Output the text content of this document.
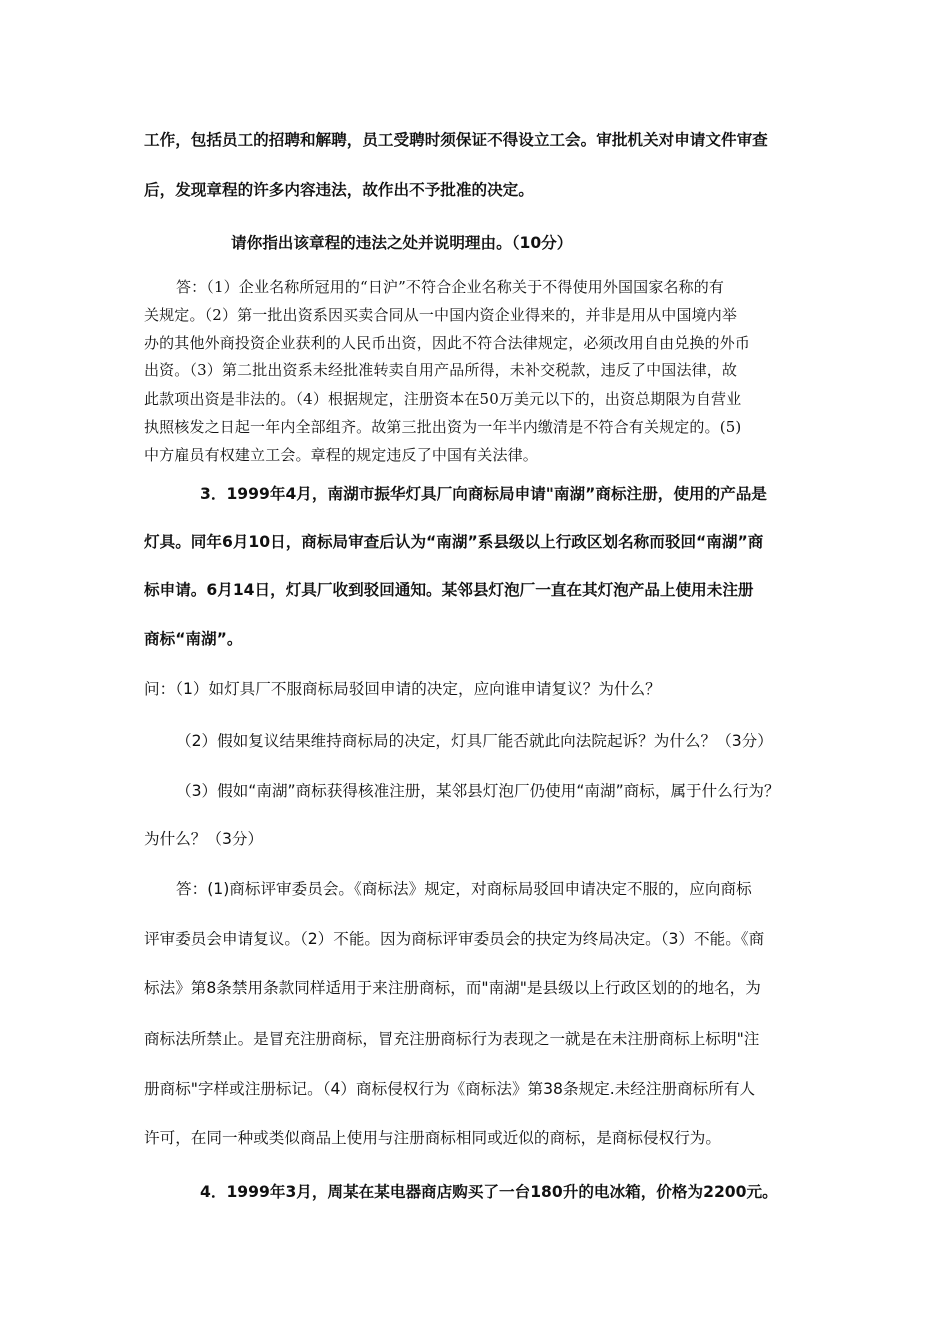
工作，包括员工的招聘和解聘，员工受聘时须保证不得设立工会。审批机关对申请文件审查
后，发现章程的许多内容违法，故作出不予批准的决定。
请你指出该章程的违法之处并说明理由。（10分）
答：（1）企业名称所冠用的“日沪”不符合企业名称关于不得使用外国国家名称的有
关规定。（2）第一批出资系因买卖合同从一中国内资企业得来的，并非是用从中国境内举
办的其他外商投资企业获利的人民币出资，因此不符合法律规定，必须改用自由兑换的外币
出资。（3）第二批出资系未经批准转卖自用产品所得，未补交税款，违反了中国法律，故
此款项出资是非法的。（4）根据规定，注册资本在50万美元以下的，出资总期限为自营业
执照核发之日起一年内全部组齐。故第三批出资为一年半内缴清是不符合有关规定的。(5)
中方雇员有权建立工会。章程的规定违反了中国有关法律。
3．1999年4月，南湖市振华灯具厂向商标局申请"南湖”商标注册，使用的产品是
灯具。同年6月10日，商标局审查后认为“南湖”系县级以上行政区划名称而驳回“南湖”商
标申请。6月14日，灯具厂收到驳回通知。某邻县灯泡厂一直在其灯泡产品上使用未注册
商标“南湖”。
问：（1）如灯具厂不服商标局驳回申请的决定，应向谁申请复议？为什么？
（2）假如复议结果维持商标局的决定，灯具厂能否就此向法院起诉？为什么？（3分）
（3）假如“南湖”商标获得核准注册，某邻县灯泡厂仍使用“南湖”商标，属于什么行为？
为什么？（3分）
答：(1)商标评审委员会。《商标法》规定，对商标局驳回申请决定不服的，应向商标
评审委员会申请复议。（2）不能。因为商标评审委员会的抉定为终局决定。（3）不能。《商
标法》第8条禁用条款同样适用于来注册商标，而"南湖"是县级以上行政区划的的地名，为
商标法所禁止。是冒充注册商标，冒充注册商标行为表现之一就是在未注册商标上标明"注
册商标"字样或注册标记。（4）商标侵权行为《商标法》第38条规定.未经注册商标所有人
许可，在同一种或类似商品上使用与注册商标相同或近似的商标，是商标侵权行为。
4．1999年3月，周某在某电器商店购买了一台180升的电冰箱，价格为2200元。
